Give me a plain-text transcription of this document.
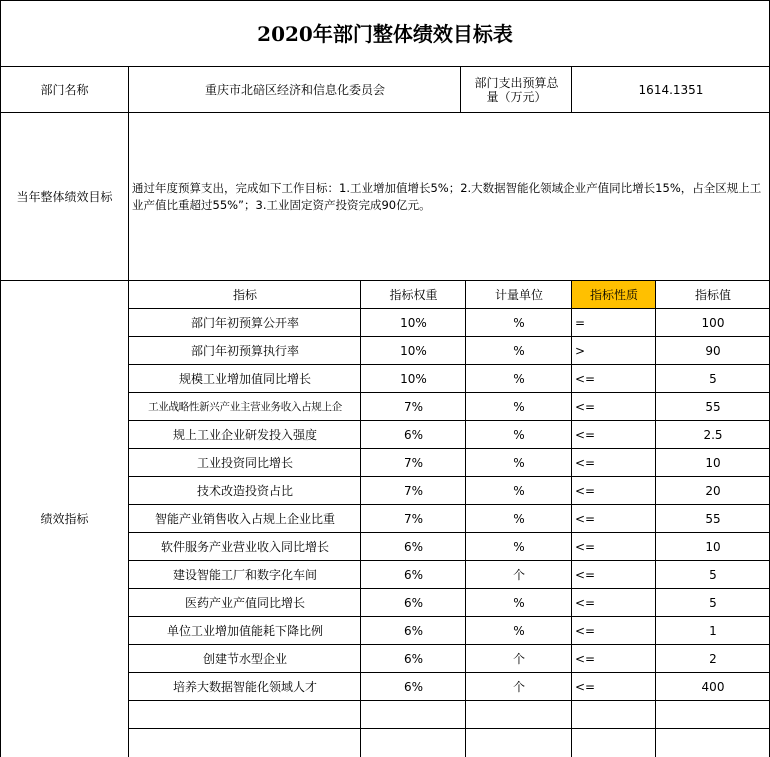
2020年部门整体绩效目标表
部门名称	重庆市北碚区经济和信息化委员会	部门支出预算总量（万元）	1614.1351
当年整体绩效目标
通过年度预算支出，完成如下工作目标：1.工业增加值增长5%；2.大数据智能化领域企业产值同比增长15%，占全区规上工业产值比重超过55%”；3.工业固定资产投资完成90亿元。
绩效指标
指标	指标权重	计量单位	指标性质	指标值
部门年初预算公开率	10%	%	=	100
部门年初预算执行率	10%	%	>	90
规模工业增加值同比增长	10%	%	<=	5
工业战略性新兴产业主营业务收入占规上企	7%	%	<=	55
规上工业企业研发投入强度	6%	%	<=	2.5
工业投资同比增长	7%	%	<=	10
技术改造投资占比	7%	%	<=	20
智能产业销售收入占规上企业比重	7%	%	<=	55
软件服务产业营业收入同比增长	6%	%	<=	10
建设智能工厂和数字化车间	6%	个	<=	5
医药产业产值同比增长	6%	%	<=	5
单位工业增加值能耗下降比例	6%	%	<=	1
创建节水型企业	6%	个	<=	2
培养大数据智能化领域人才	6%	个	<=	400
